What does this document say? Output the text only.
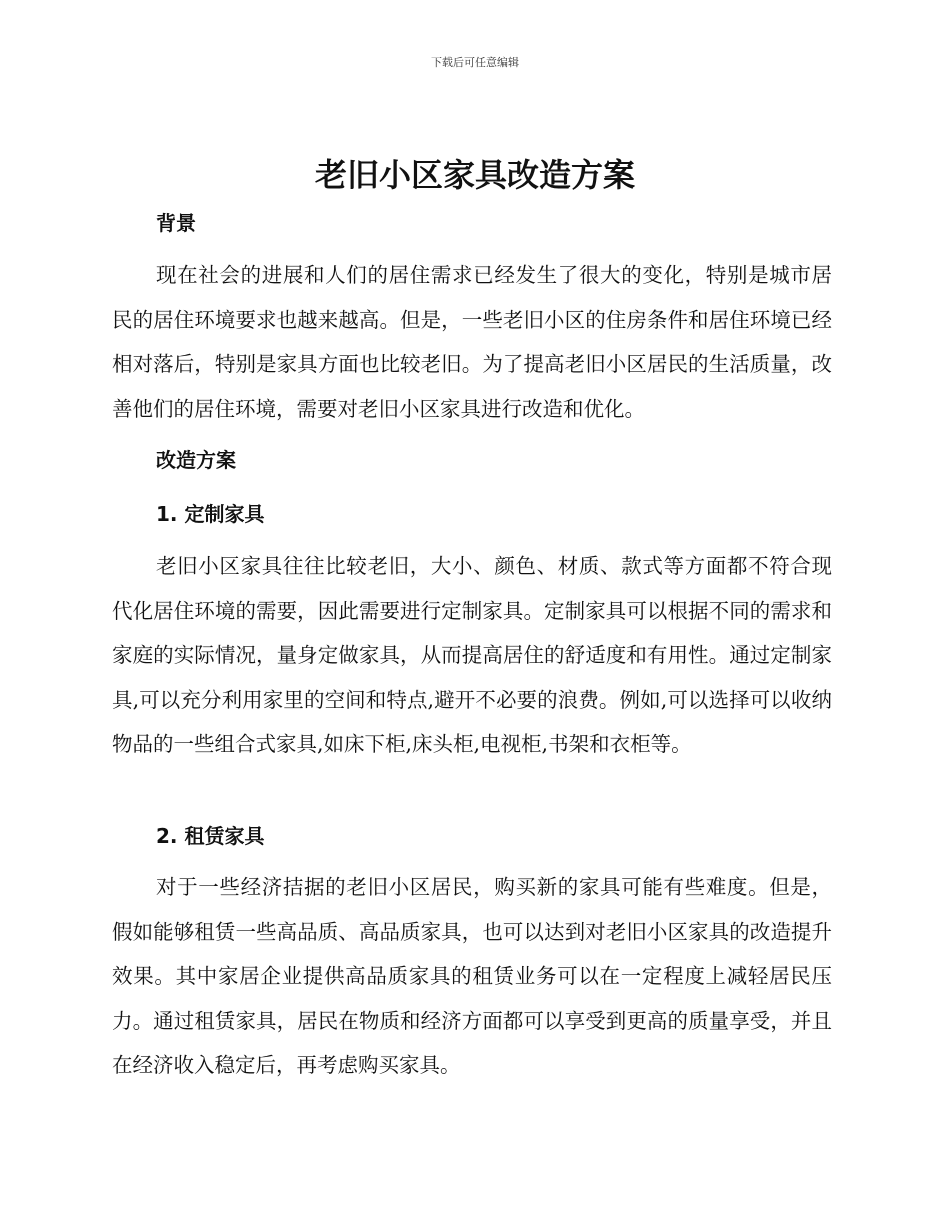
下载后可任意编辑
老旧小区家具改造方案
背景

现在社会的进展和人们的居住需求已经发生了很大的变化，特别是城市居民的居住环境要求也越来越高。但是，一些老旧小区的住房条件和居住环境已经相对落后，特别是家具方面也比较老旧。为了提高老旧小区居民的生活质量，改善他们的居住环境，需要对老旧小区家具进行改造和优化。

改造方案
1. 定制家具

老旧小区家具往往比较老旧，大小、颜色、材质、款式等方面都不符合现代化居住环境的需要，因此需要进行定制家具。定制家具可以根据不同的需求和家庭的实际情况，量身定做家具，从而提高居住的舒适度和有用性。通过定制家具,可以充分利用家里的空间和特点,避开不必要的浪费。例如,可以选择可以收纳物品的一些组合式家具,如床下柜,床头柜,电视柜,书架和衣柜等。

2. 租赁家具

对于一些经济拮据的老旧小区居民，购买新的家具可能有些难度。但是，假如能够租赁一些高品质、高品质家具，也可以达到对老旧小区家具的改造提升效果。其中家居企业提供高品质家具的租赁业务可以在一定程度上减轻居民压力。通过租赁家具，居民在物质和经济方面都可以享受到更高的质量享受，并且在经济收入稳定后，再考虑购买家具。
